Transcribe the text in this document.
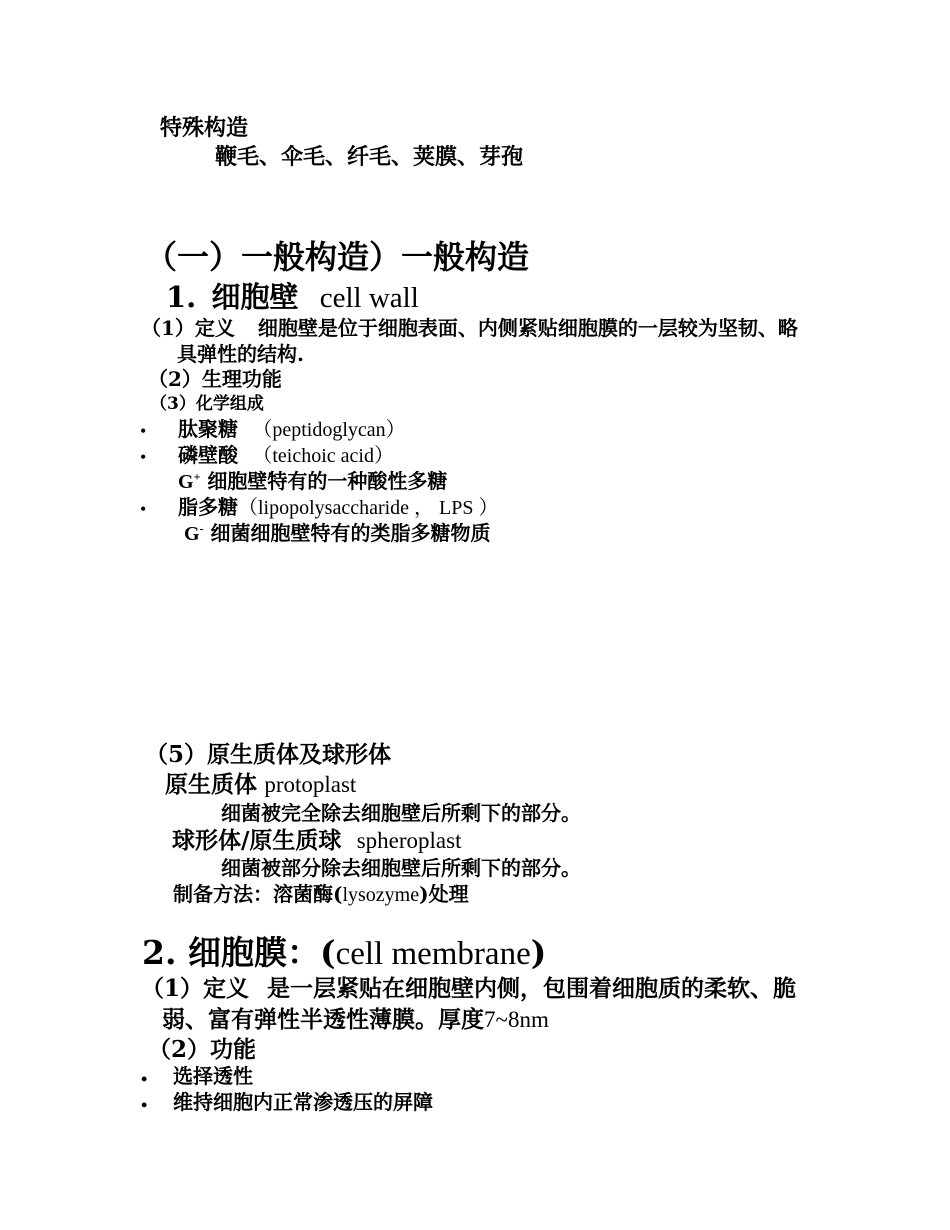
特殊构造
鞭毛、伞毛、纤毛、荚膜、芽孢
（一）一般构造）一般构造
1. 细胞壁 cell wall
（1）定义 细胞壁是位于细胞表面、内侧紧贴细胞膜的一层较为坚韧、略
具弹性的结构.
（2）生理功能
（3）化学组成
• 肽聚糖 （peptidoglycan）
• 磷壁酸 （teichoic acid）
G+ 细胞壁特有的一种酸性多糖
• 脂多糖（lipopolysaccharide ， LPS ）
G- 细菌细胞壁特有的类脂多糖物质
（5）原生质体及球形体
原生质体 protoplast
细菌被完全除去细胞壁后所剩下的部分。
球形体/原生质球 spheroplast
细菌被部分除去细胞壁后所剩下的部分。
制备方法：溶菌酶(lysozyme)处理
2. 细胞膜：(cell membrane)
（1）定义 是一层紧贴在细胞壁内侧，包围着细胞质的柔软、脆
弱、富有弹性半透性薄膜。厚度7~8nm
（2）功能
• 选择透性
• 维持细胞内正常渗透压的屏障
